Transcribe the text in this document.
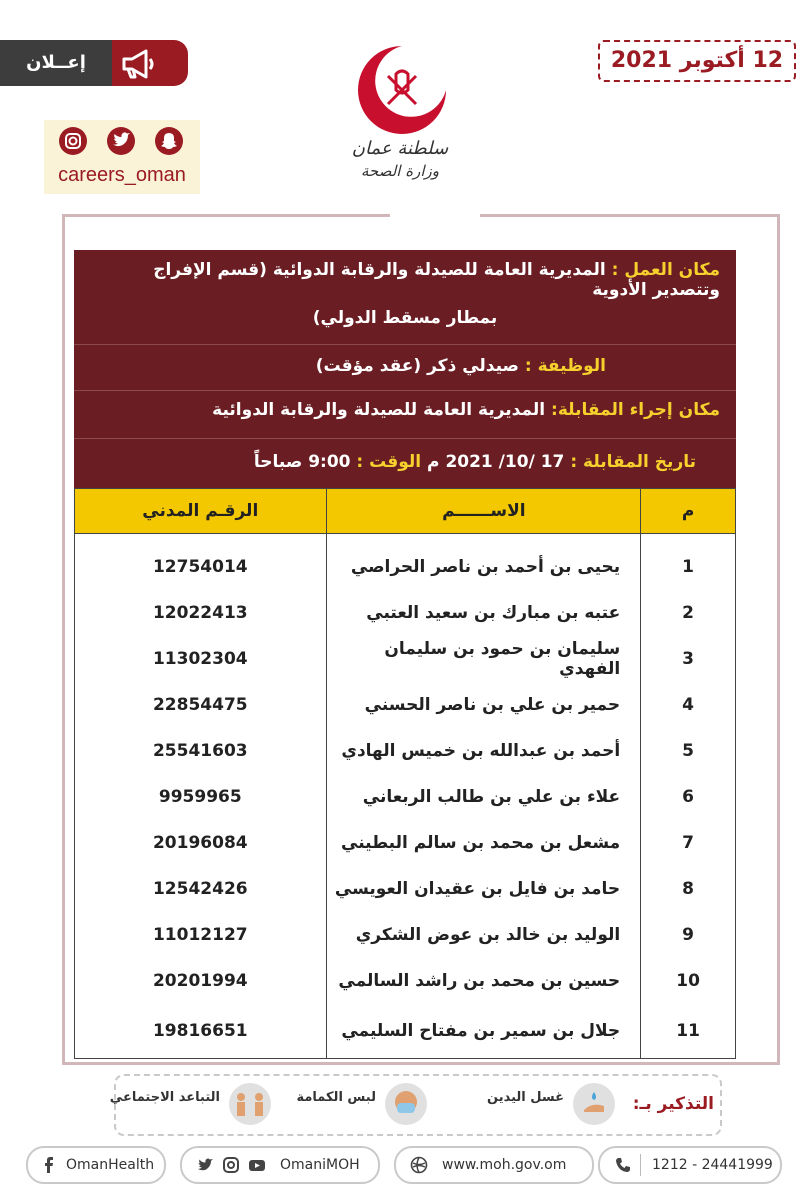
إعــلان	12 أكتوبر 2021
careers_oman
سلطنة عمان
وزارة الصحة
مكان العمل : المديرية العامة للصيدلة والرقابة الدوائية (قسم الإفراج وتتصدير الأدوية
بمطار مسقط الدولي)
الوظيفة : صيدلي ذكر (عقد مؤقت)
مكان إجراء المقابلة: المديرية العامة للصيدلة والرقابة الدوائية
تاريخ المقابلة : 17 /10/ 2021 م الوقت : 9:00 صباحاً
م	الاســــــم	الرقـم المدني

1	يحيى بن أحمد بن ناصر الحراصي	12754014
2	عتبه بن مبارك بن سعيد العتبي	12022413
3	سليمان بن حمود بن سليمان الفهدي	11302304
4	حمير بن علي بن ناصر الحسني	22854475
5	أحمد بن عبدالله بن خميس الهادي	25541603
6	علاء بن علي بن طالب الربعاني	9959965
7	مشعل بن محمد بن سالم البطيني	20196084
8	حامد بن فايل بن عقيدان العويسي	12542426
9	الوليد بن خالد بن عوض الشكري	11012127
10	حسين بن محمد بن راشد السالمي	20201994
11	جلال بن سمير بن مفتاح السليمي	19816651
التذكير بـ:
غسل اليدين
لبس الكمامة
التباعد الاجتماعي
OmanHealth	OmaniMOH	www.moh.gov.om	1212 - 24441999
